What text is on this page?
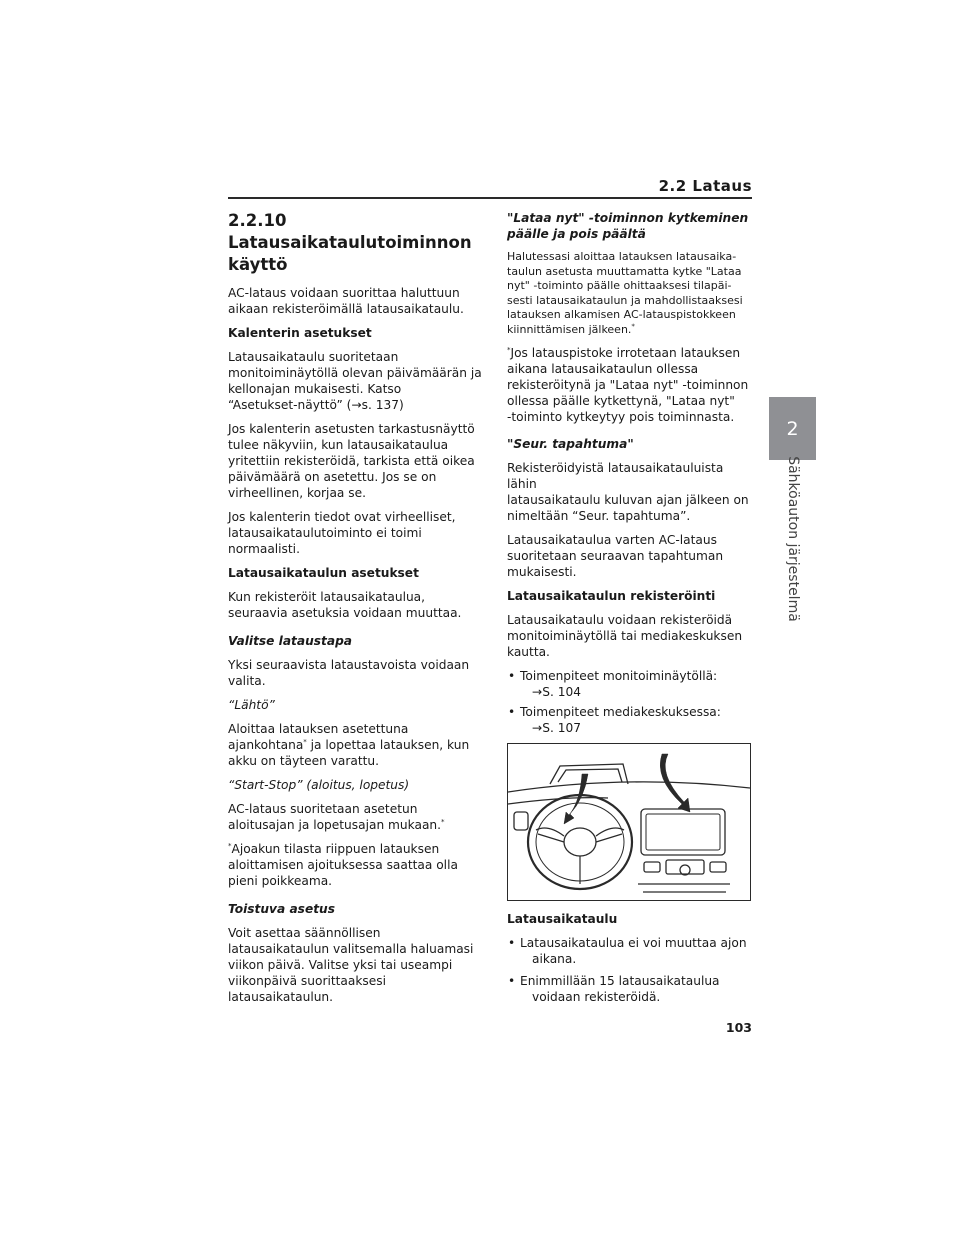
2.2 Lataus
2
Sähköauton järjestelmä
2.2.10 Latausaikataulutoiminnon
käyttö

AC-lataus voidaan suorittaa haluttuun
aikaan rekisteröimällä latausaikataulu.

Kalenterin asetukset

Latausaikataulu suoritetaan
monitoiminäytöllä olevan päivämäärän ja
kellonajan mukaisesti. Katso
“Asetukset-näyttö” (→s. 137)

Jos kalenterin asetusten tarkastusnäyttö
tulee näkyviin, kun latausaikataulua
yritettiin rekisteröidä, tarkista että oikea
päivämäärä on asetettu. Jos se on
virheellinen, korjaa se.

Jos kalenterin tiedot ovat virheelliset,
latausaikataulutoiminto ei toimi
normaalisti.

Latausaikataulun asetukset

Kun rekisteröit latausaikataulua,
seuraavia asetuksia voidaan muuttaa.

Valitse lataustapa

Yksi seuraavista lataustavoista voidaan
valita.

“Lähtö”

Aloittaa latauksen asetettuna
ajankohtana* ja lopettaa latauksen, kun
akku on täyteen varattu.

“Start-Stop” (aloitus, lopetus)

AC-lataus suoritetaan asetetun
aloitusajan ja lopetusajan mukaan.*

*Ajoakun tilasta riippuen latauksen
aloittamisen ajoituksessa saattaa olla
pieni poikkeama.

Toistuva asetus

Voit asettaa säännöllisen
latausaikataulun valitsemalla haluamasi
viikon päivä. Valitse yksi tai useampi
viikonpäivä suorittaaksesi
latausaikataulun.

"Lataa nyt" -toiminnon kytkeminen
päälle ja pois päältä

Halutessasi aloittaa latauksen latausaika-
taulun asetusta muuttamatta kytke "Lataa
nyt" -toiminto päälle ohittaaksesi tilapäi-
sesti latausaikataulun ja mahdollistaaksesi
latauksen alkamisen AC-latauspistokkeen
kiinnittämisen jälkeen.*

*Jos latauspistoke irrotetaan latauksen
aikana latausaikataulun ollessa
rekisteröitynä ja "Lataa nyt" -toiminnon
ollessa päälle kytkettynä, "Lataa nyt"
-toiminto kytkeytyy pois toiminnasta.

"Seur. tapahtuma"

Rekisteröidyistä latausaikatauluista lähin
latausaikataulu kuluvan ajan jälkeen on
nimeltään “Seur. tapahtuma”.

Latausaikataulua varten AC-lataus
suoritetaan seuraavan tapahtuman
mukaisesti.

Latausaikataulun rekisteröinti

Latausaikataulu voidaan rekisteröidä
monitoiminäytöllä tai mediakeskuksen
kautta.

• Toimenpiteet monitoiminäytöllä:
→S. 104
• Toimenpiteet mediakeskuksessa:
→S. 107

Latausaikataulu

• Latausaikataulua ei voi muuttaa ajon
aikana.
• Enimmillään 15 latausaikataulua
voidaan rekisteröidä.
103
